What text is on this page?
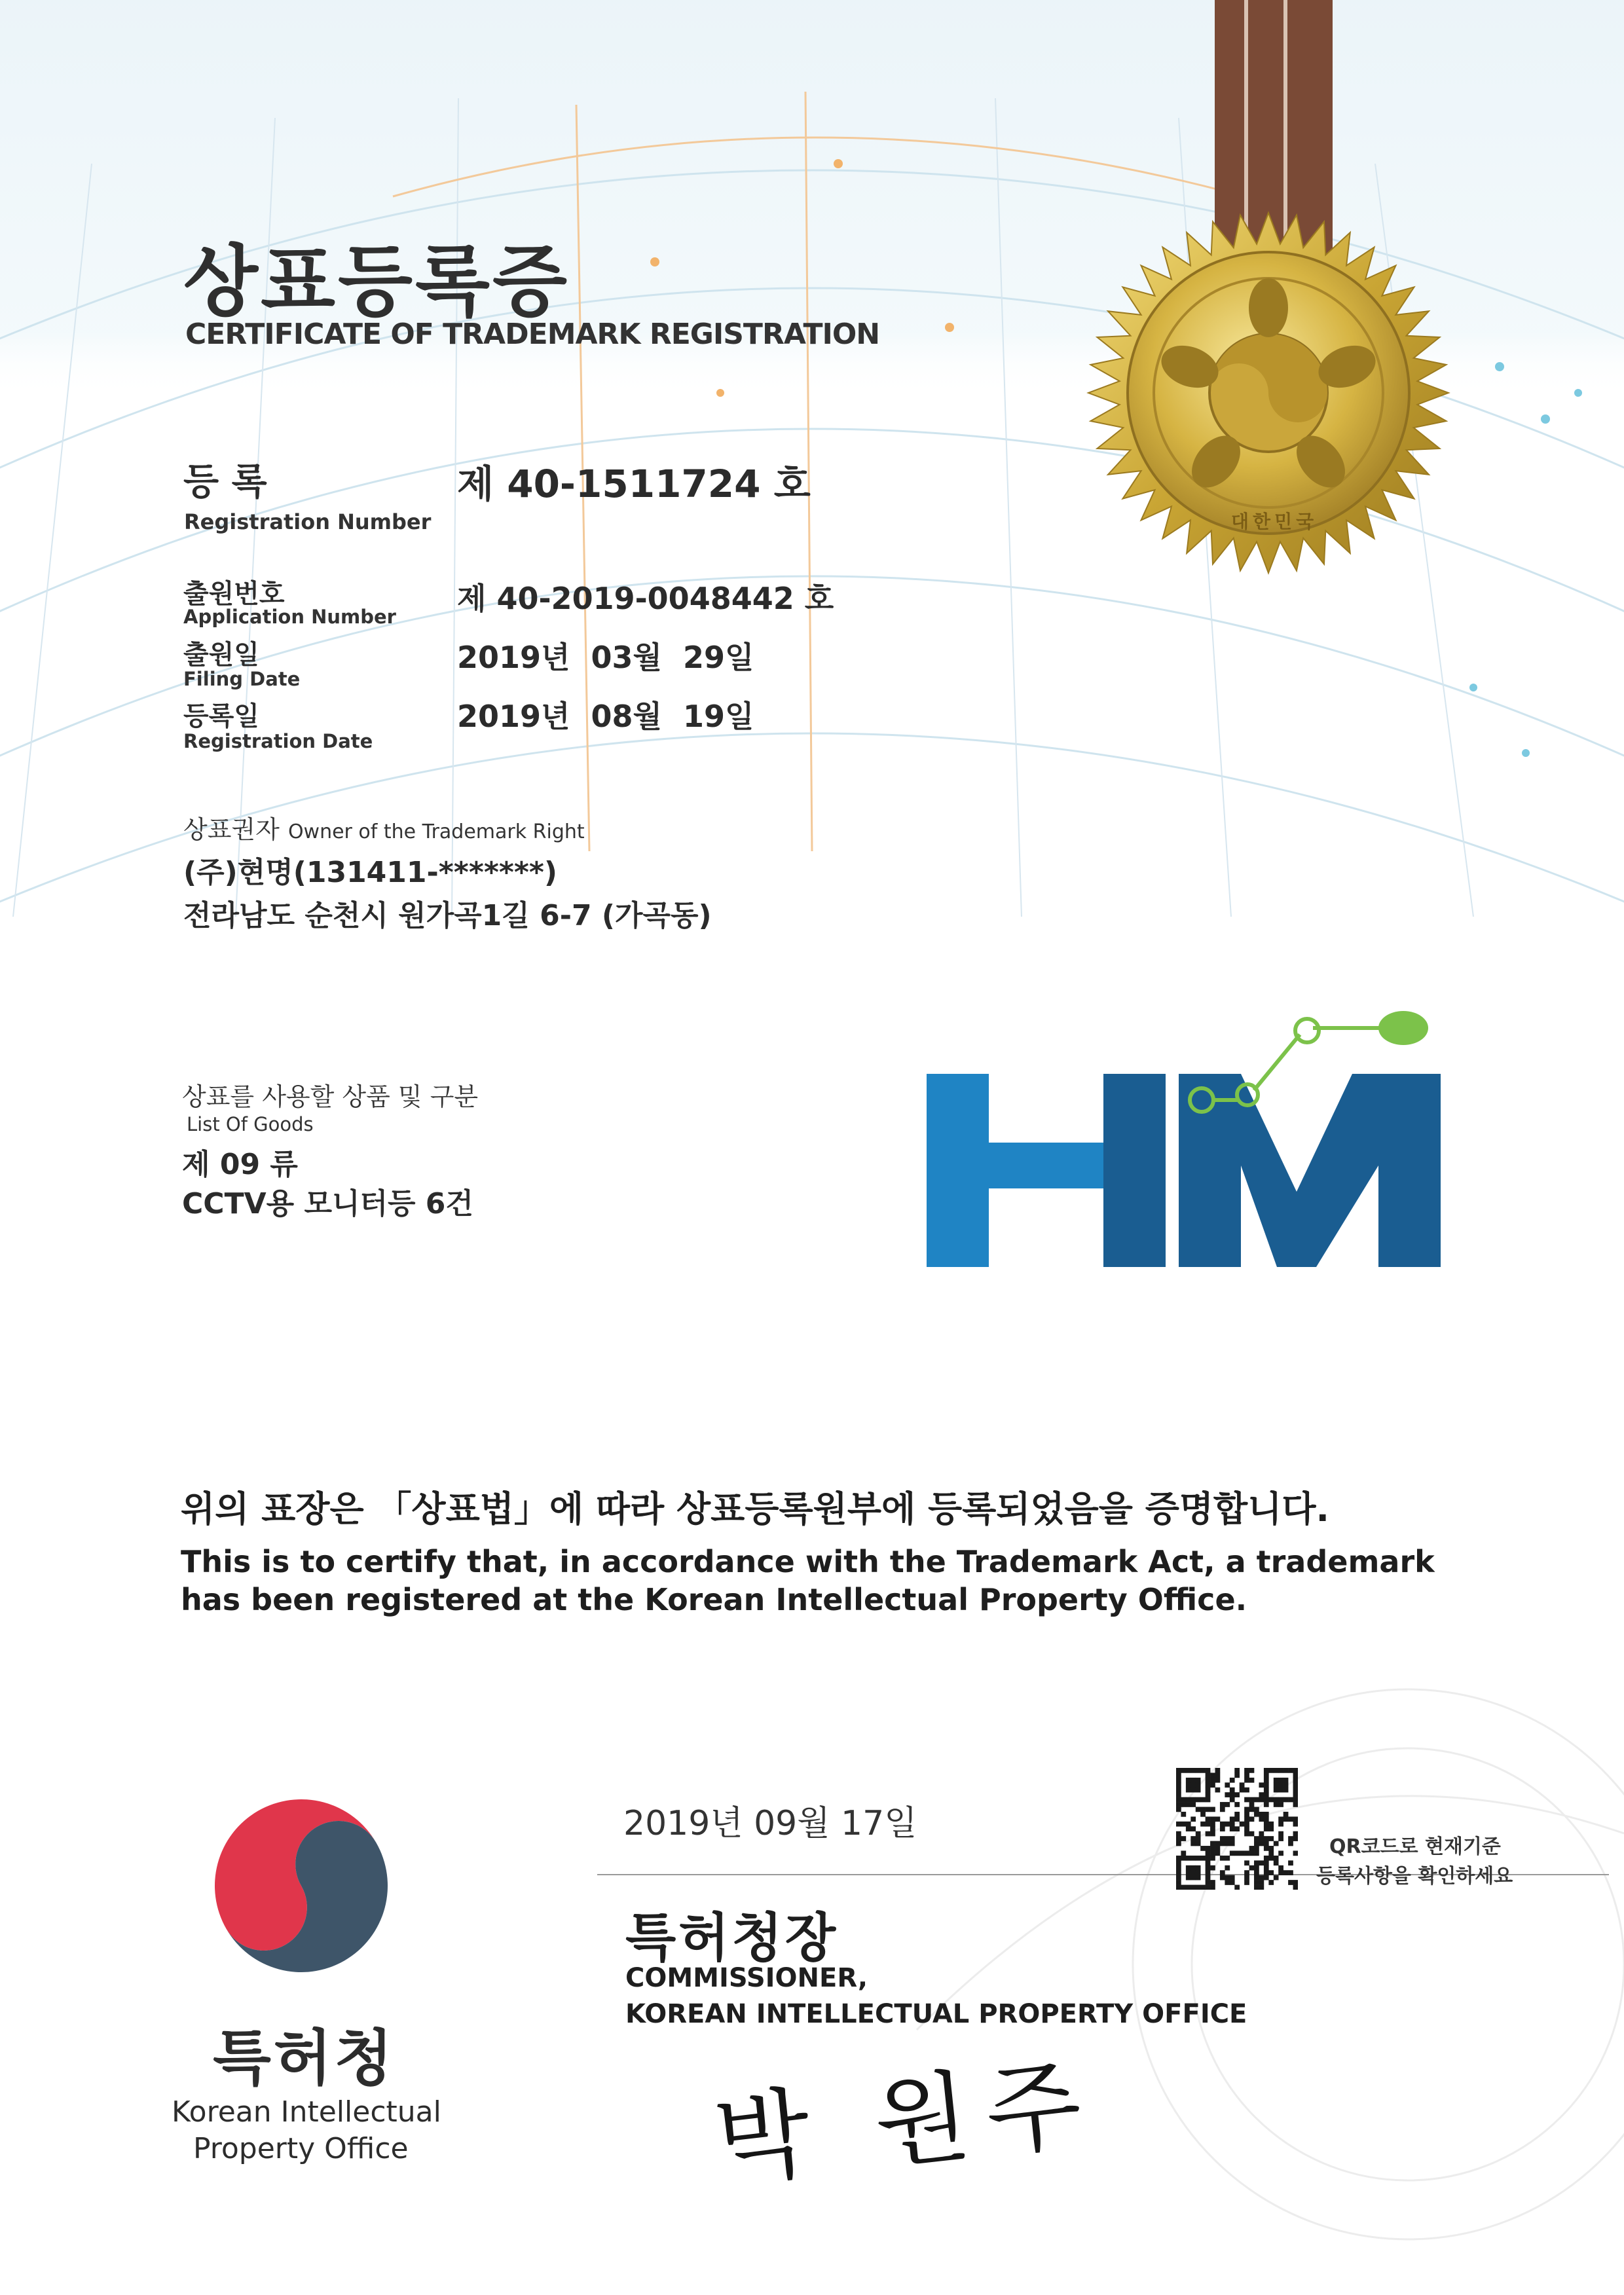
대한민국
상표등록증
CERTIFICATE OF TRADEMARK REGISTRATION
등 록
Registration Number
제 40-1511724 호
출원번호
Application Number
제 40-2019-0048442 호
출원일
Filing Date
2019년  03월  29일
등록일
Registration Date
2019년  08월  19일
상표권자 Owner of the Trademark Right
(주)현명(131411-*******)
전라남도 순천시 원가곡1길 6-7 (가곡동)
상표를 사용할 상품 및 구분
List Of Goods
제 09 류
CCTV용 모니터등 6건
위의 표장은 「상표법」에 따라 상표등록원부에 등록되었음을 증명합니다.
This is to certify that, in accordance with the Trademark Act, a trademark
has been registered at the Korean Intellectual Property Office.
2019년 09월 17일
QR코드로 현재기준
등록사항을 확인하세요
특허청장
COMMISSIONER,
KOREAN INTELLECTUAL PROPERTY OFFICE
박 원주
특허청
Korean Intellectual
Property Office
